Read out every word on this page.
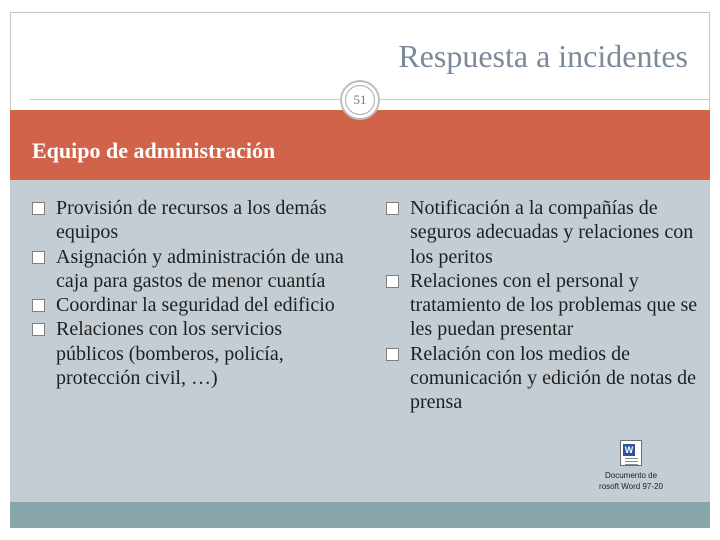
Respuesta a incidentes
51
Equipo de administración
Provisión de recursos a los demás equipos
Asignación y administración de una caja para gastos de menor cuantía
Coordinar la seguridad del edificio
Relaciones con los servicios públicos (bomberos, policía, protección civil, …)
Notificación a la compañías de seguros adecuadas y relaciones con los peritos
Relaciones con el personal y tratamiento de los problemas que se les puedan presentar
Relación con los medios de comunicación y edición de notas de prensa
W
Documento de
rosoft Word 97-20
